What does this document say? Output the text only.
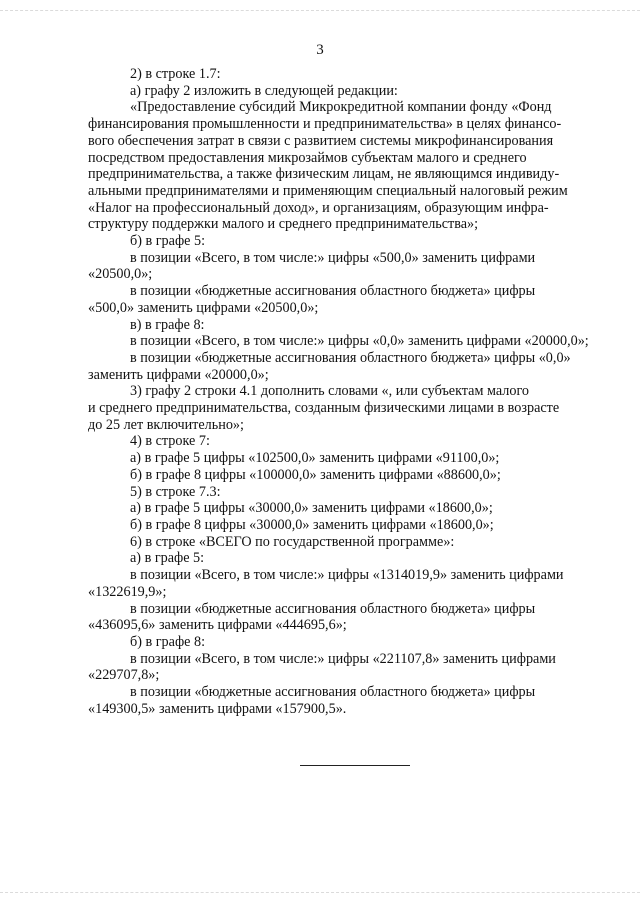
3

2) в строке 1.7:

а) графу 2 изложить в следующей редакции:

«Предоставление субсидий Микрокредитной компании фонду «Фонд
финансирования промышленности и предпринимательства» в целях финансо-
вого обеспечения затрат в связи с развитием системы микрофинансирования
посредством предоставления микрозаймов субъектам малого и среднего
предпринимательства, а также физическим лицам, не являющимся индивиду-
альными предпринимателями и применяющим специальный налоговый режим
«Налог на профессиональный доход», и организациям, образующим инфра-
структуру поддержки малого и среднего предпринимательства»;

б) в графе 5:

в позиции «Всего, в том числе:» цифры «500,0» заменить цифрами
«20500,0»;

в позиции «бюджетные ассигнования областного бюджета» цифры
«500,0» заменить цифрами «20500,0»;

в) в графе 8:

в позиции «Всего, в том числе:» цифры «0,0» заменить цифрами «20000,0»;

в позиции «бюджетные ассигнования областного бюджета» цифры «0,0»
заменить цифрами «20000,0»;

3) графу 2 строки 4.1 дополнить словами «, или субъектам малого
и среднего предпринимательства, созданным физическими лицами в возрасте
до 25 лет включительно»;

4) в строке 7:

а) в графе 5 цифры «102500,0» заменить цифрами «91100,0»;

б) в графе 8 цифры «100000,0» заменить цифрами «88600,0»;

5) в строке 7.3:

а) в графе 5 цифры «30000,0» заменить цифрами «18600,0»;

б) в графе 8 цифры «30000,0» заменить цифрами «18600,0»;

6) в строке «ВСЕГО по государственной программе»:

а) в графе 5:

в позиции «Всего, в том числе:» цифры «1314019,9» заменить цифрами
«1322619,9»;

в позиции «бюджетные ассигнования областного бюджета» цифры
«436095,6» заменить цифрами «444695,6»;

б) в графе 8:

в позиции «Всего, в том числе:» цифры «221107,8» заменить цифрами
«229707,8»;

в позиции «бюджетные ассигнования областного бюджета» цифры
«149300,5» заменить цифрами «157900,5».
